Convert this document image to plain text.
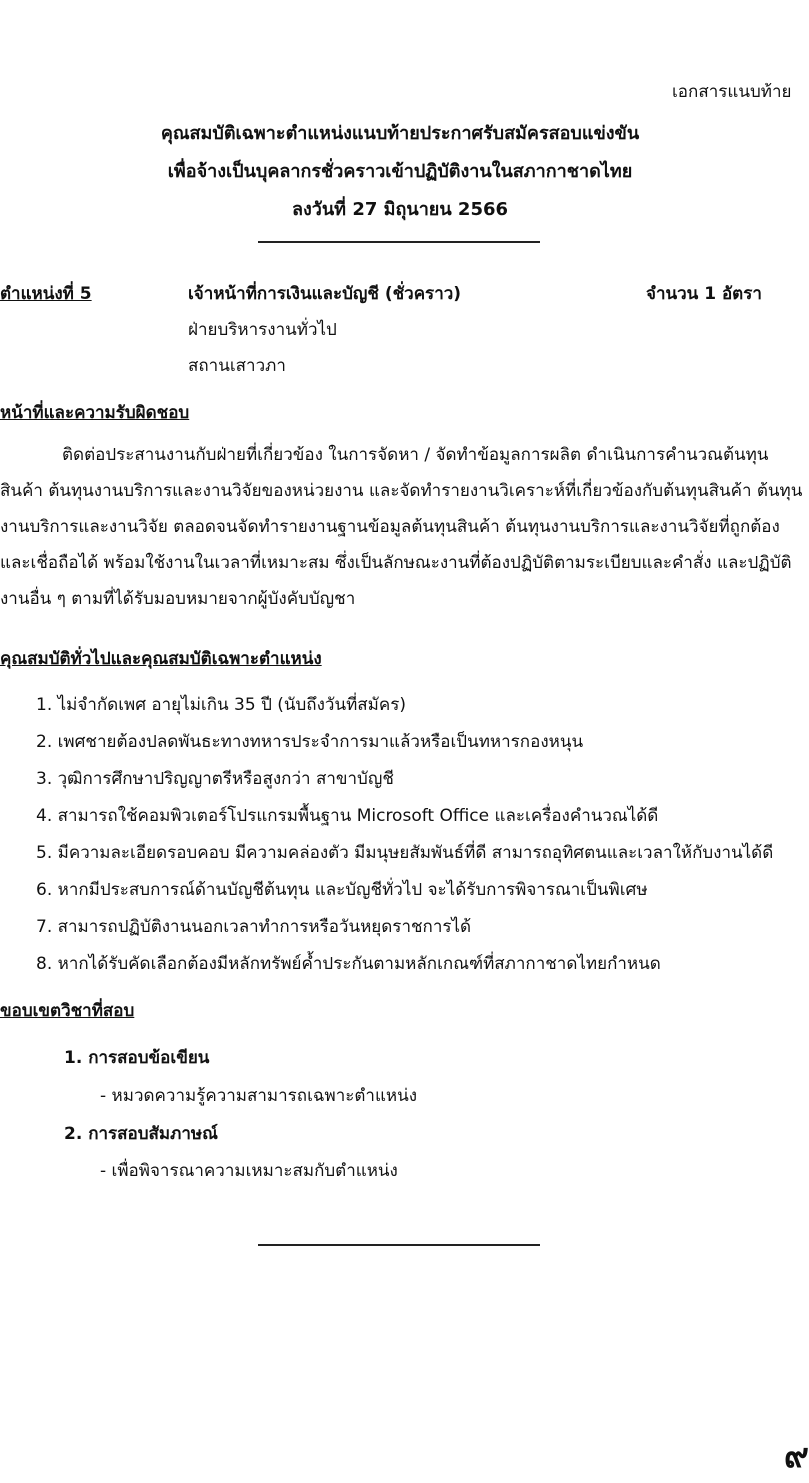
เอกสารแนบท้าย
คุณสมบัติเฉพาะตำแหน่งแนบท้ายประกาศรับสมัครสอบแข่งขัน
เพื่อจ้างเป็นบุคลากรชั่วคราวเข้าปฏิบัติงานในสภากาชาดไทย
ลงวันที่ 27 มิถุนายน 2566
ตำแหน่งที่ 5	เจ้าหน้าที่การเงินและบัญชี (ชั่วคราว)	จำนวน 1 อัตรา
ฝ่ายบริหารงานทั่วไป
สถานเสาวภา
หน้าที่และความรับผิดชอบ
ติดต่อประสานงานกับฝ่ายที่เกี่ยวข้อง ในการจัดหา / จัดทำข้อมูลการผลิต ดำเนินการคำนวณต้นทุนสินค้า ต้นทุนงานบริการและงานวิจัยของหน่วยงาน และจัดทำรายงานวิเคราะห์ที่เกี่ยวข้องกับต้นทุนสินค้า ต้นทุนงานบริการและงานวิจัย ตลอดจนจัดทำรายงานฐานข้อมูลต้นทุนสินค้า ต้นทุนงานบริการและงานวิจัยที่ถูกต้องและเชื่อถือได้ พร้อมใช้งานในเวลาที่เหมาะสม ซึ่งเป็นลักษณะงานที่ต้องปฏิบัติตามระเบียบและคำสั่ง และปฏิบัติงานอื่น ๆ ตามที่ได้รับมอบหมายจากผู้บังคับบัญชา
คุณสมบัติทั่วไปและคุณสมบัติเฉพาะตำแหน่ง
1. ไม่จำกัดเพศ อายุไม่เกิน 35 ปี (นับถึงวันที่สมัคร)
2. เพศชายต้องปลดพันธะทางทหารประจำการมาแล้วหรือเป็นทหารกองหนุน
3. วุฒิการศึกษาปริญญาตรีหรือสูงกว่า สาขาบัญชี
4. สามารถใช้คอมพิวเตอร์โปรแกรมพื้นฐาน Microsoft Office และเครื่องคำนวณได้ดี
5. มีความละเอียดรอบคอบ มีความคล่องตัว มีมนุษยสัมพันธ์ที่ดี สามารถอุทิศตนและเวลาให้กับงานได้ดี
6. หากมีประสบการณ์ด้านบัญชีต้นทุน และบัญชีทั่วไป จะได้รับการพิจารณาเป็นพิเศษ
7. สามารถปฏิบัติงานนอกเวลาทำการหรือวันหยุดราชการได้
8. หากได้รับคัดเลือกต้องมีหลักทรัพย์ค้ำประกันตามหลักเกณฑ์ที่สภากาชาดไทยกำหนด
ขอบเขตวิชาที่สอบ
1. การสอบข้อเขียน
- หมวดความรู้ความสามารถเฉพาะตำแหน่ง
2. การสอบสัมภาษณ์
- เพื่อพิจารณาความเหมาะสมกับตำแหน่ง
๙
